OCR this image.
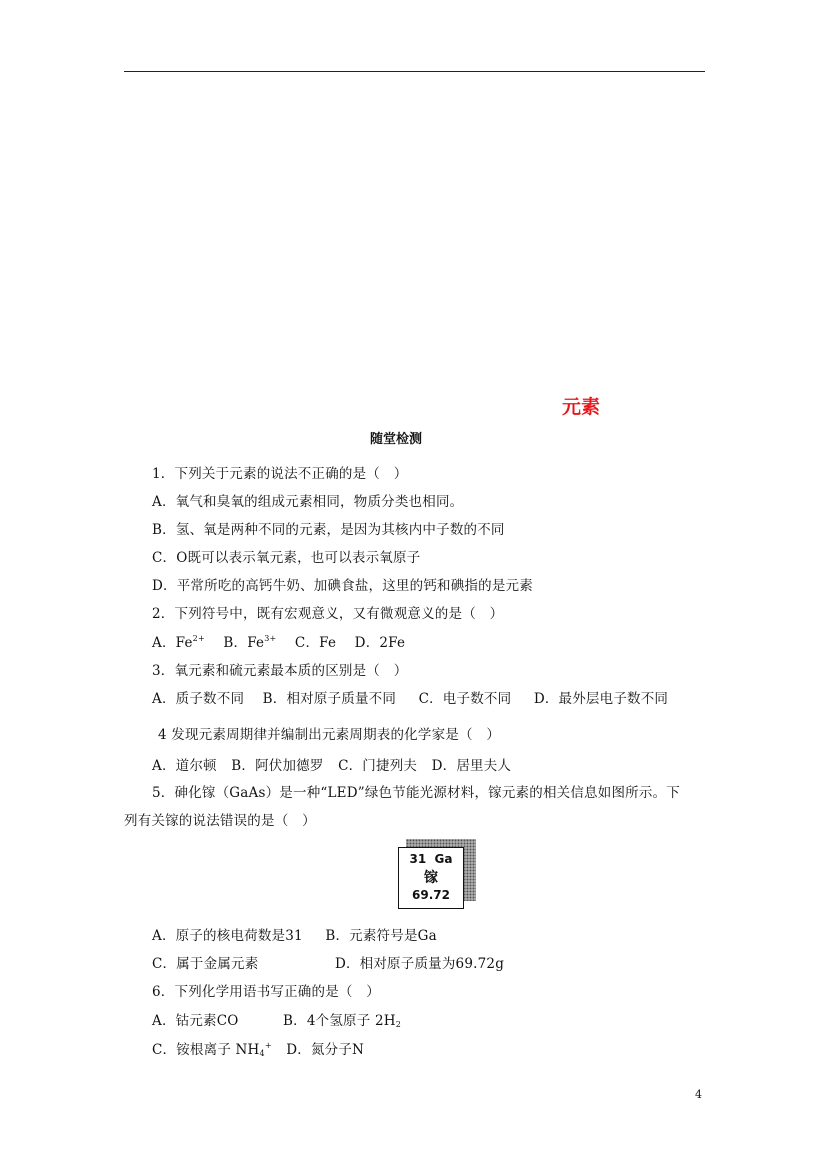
元素
随堂检测
1．下列关于元素的说法不正确的是（　）
A．氧气和臭氧的组成元素相同，物质分类也相同。
B．氢、氧是两种不同的元素，是因为其核内中子数的不同
C．O既可以表示氧元素，也可以表示氧原子
D．平常所吃的高钙牛奶、加碘食盐，这里的钙和碘指的是元素
2．下列符号中，既有宏观意义，又有微观意义的是（　）
A．$Fe^{2+}$ B．$Fe^{3+}$ C．Fe D．2Fe
3．氧元素和硫元素最本质的区别是（　）
A．质子数不同 B．相对原子质量不同 C．电子数不同 D．最外层电子数不同
4 发现元素周期律并编制出元素周期表的化学家是（　）
A．道尔顿 B．阿伏加德罗 C．门捷列夫 D．居里夫人
5．砷化镓（GaAs）是一种“LED”绿色节能光源材料，镓元素的相关信息如图所示。下
列有关镓的说法错误的是（　）
31 Ga
镓
69.72
A．原子的核电荷数是31 B．元素符号是Ga
C．属于金属元素	D．相对原子质量为69.72g
6．下列化学用语书写正确的是（　）
A．钴元素CO	B．4个氢原子 $2H_2$
C．铵根离子 $NH_4^+$ D．氮分子N
4
